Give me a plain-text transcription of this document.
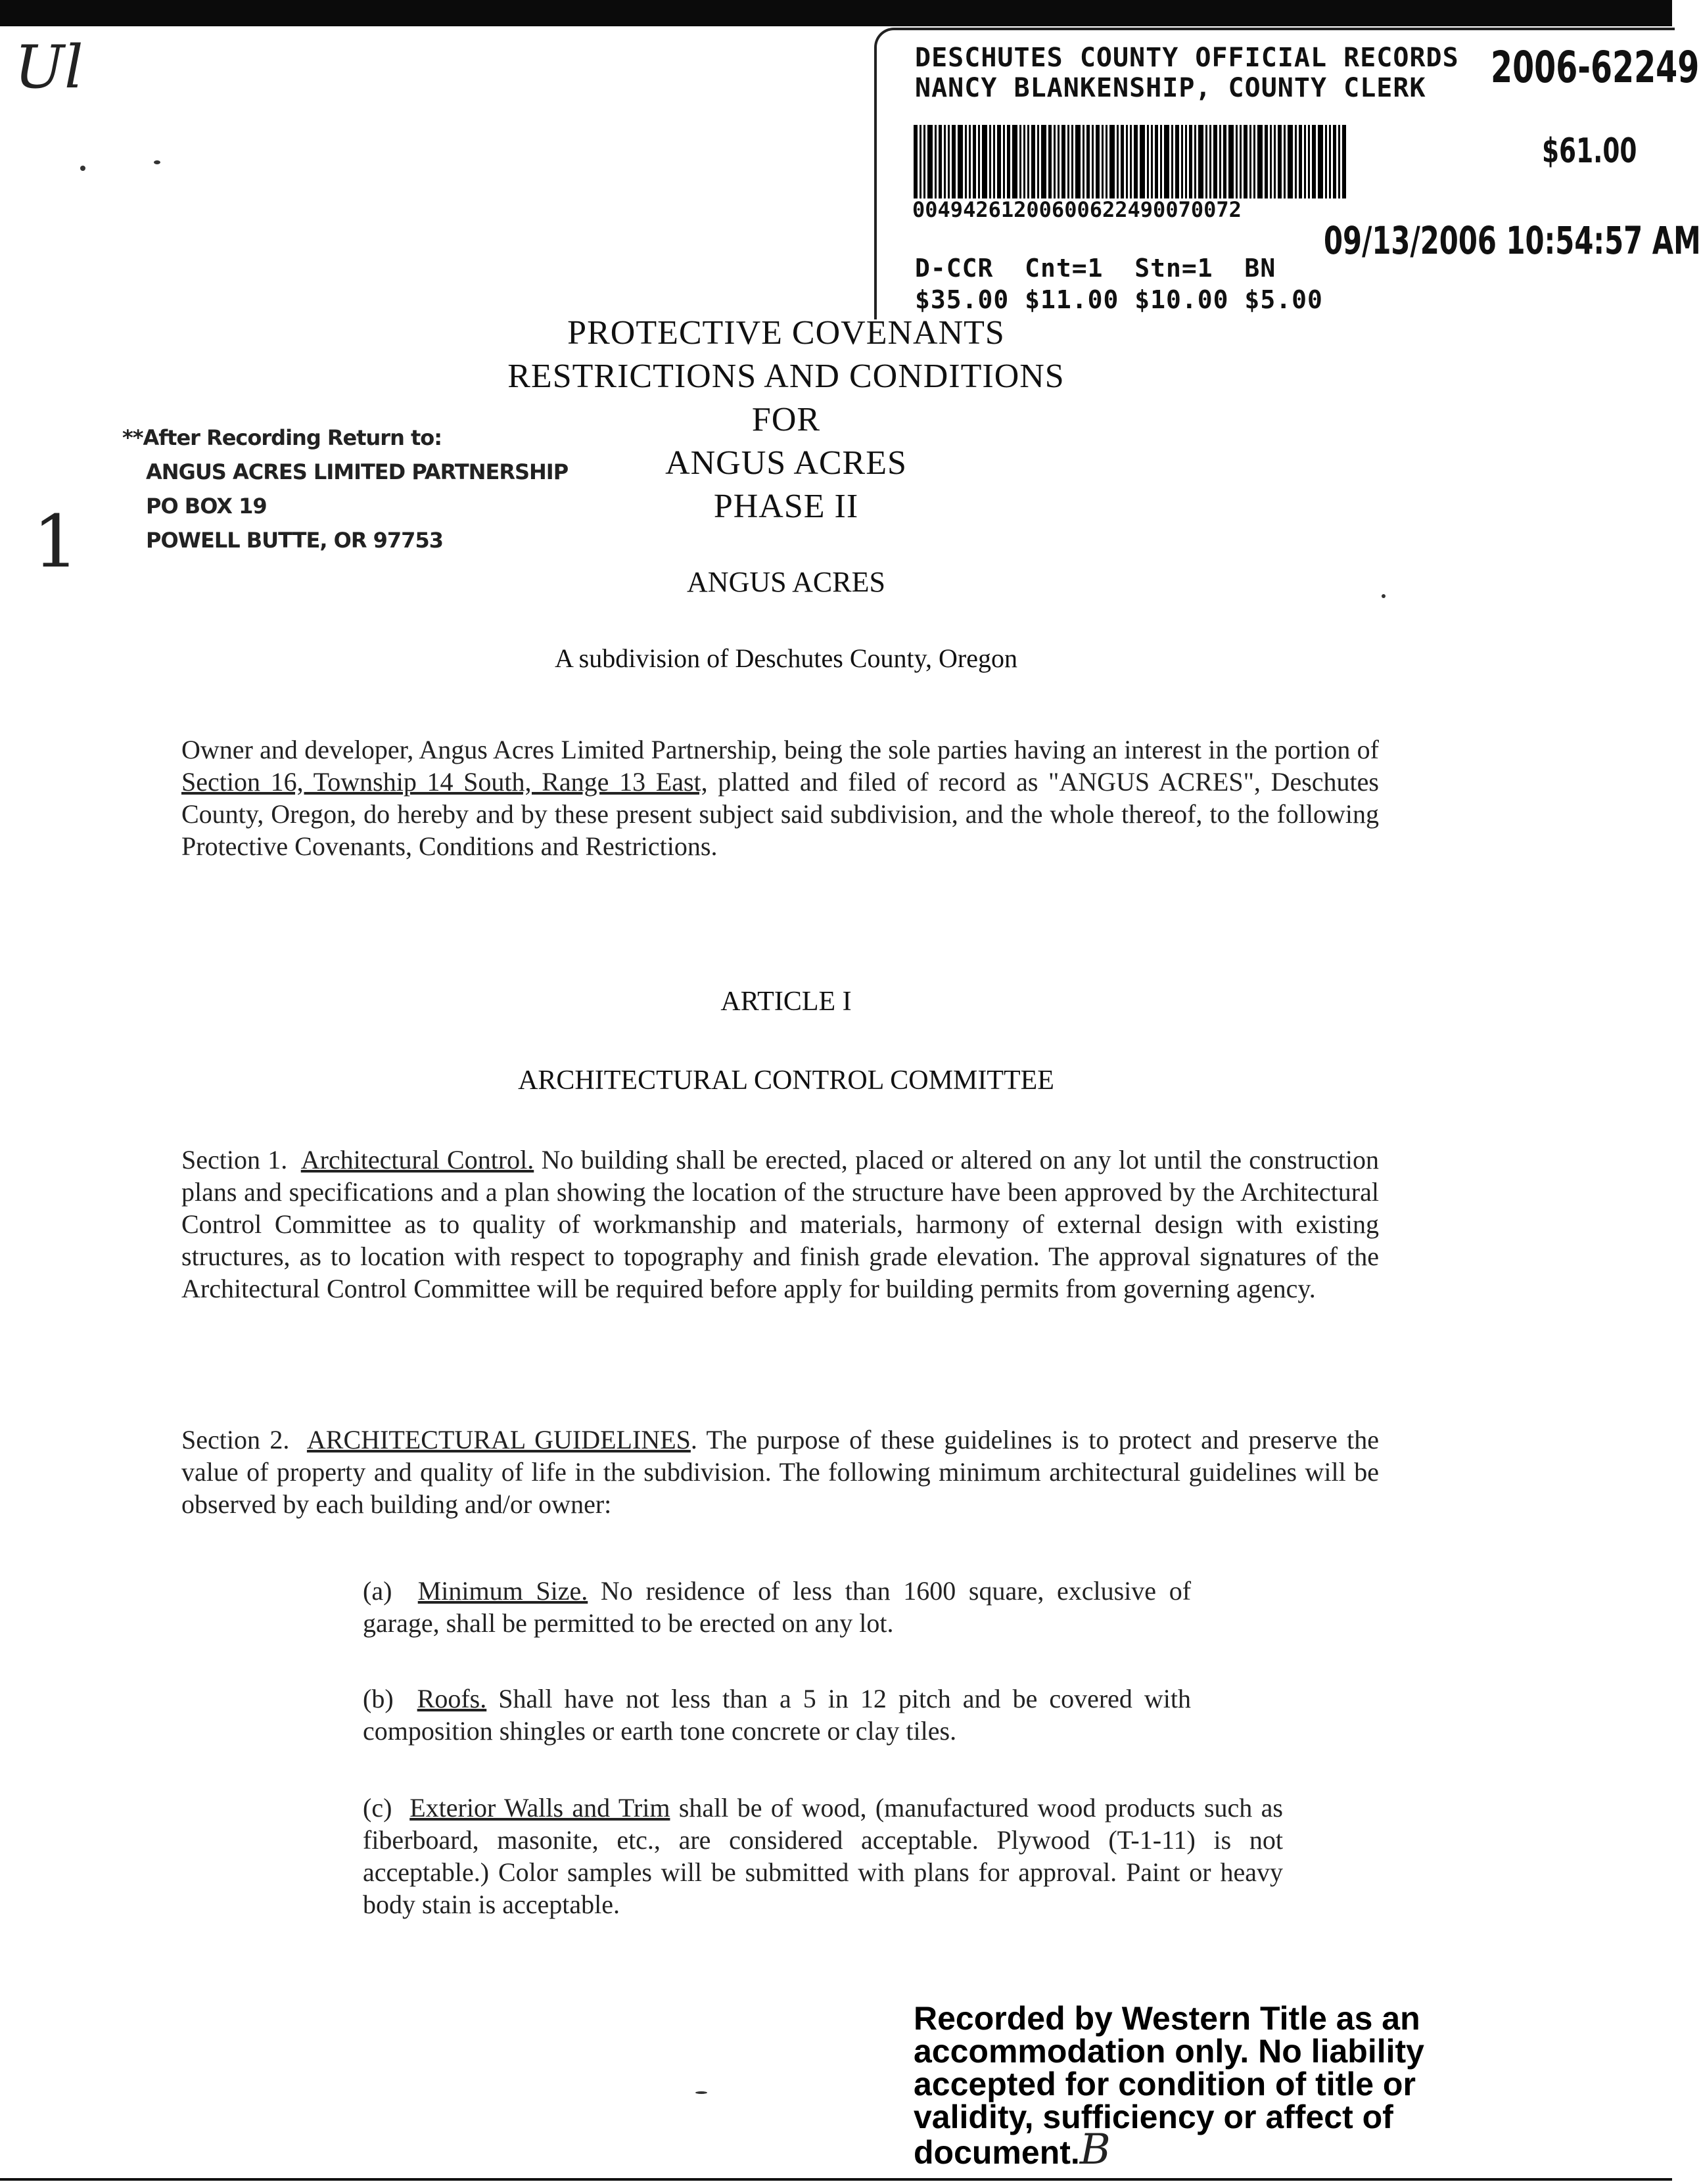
DESCHUTES COUNTY OFFICIAL RECORDS
NANCY BLANKENSHIP, COUNTY CLERK 2006-62249
$61.00
00494261200600622490070072
09/13/2006 10:54:57 AM
D-CCR  Cnt=1  Stn=1  BN
$35.00 $11.00 $10.00 $5.00
Ul
1
**After Recording Return to:
ANGUS ACRES LIMITED PARTNERSHIP
PO BOX 19
POWELL BUTTE, OR 97753
PROTECTIVE COVENANTS
RESTRICTIONS AND CONDITIONS
FOR
ANGUS ACRES
PHASE II
ANGUS ACRES
A subdivision of Deschutes County, Oregon

Owner and developer, Angus Acres Limited Partnership, being the sole parties having an interest in the portion of Section 16, Township 14 South, Range 13 East, platted and filed of record as "ANGUS ACRES", Deschutes County, Oregon, do hereby and by these present subject said subdivision, and the whole thereof, to the following Protective Covenants, Conditions and Restrictions.

ARTICLE I
ARCHITECTURAL CONTROL COMMITTEE

Section 1. Architectural Control. No building shall be erected, placed or altered on any lot until the construction plans and specifications and a plan showing the location of the structure have been approved by the Architectural Control Committee as to quality of workmanship and materials, harmony of external design with existing structures, as to location with respect to topography and finish grade elevation. The approval signatures of the Architectural Control Committee will be required before apply for building permits from governing agency.

Section 2. ARCHITECTURAL GUIDELINES. The purpose of these guidelines is to protect and preserve the value of property and quality of life in the subdivision. The following minimum architectural guidelines will be observed by each building and/or owner:

(a) Minimum Size. No residence of less than 1600 square, exclusive of garage, shall be permitted to be erected on any lot.

(b) Roofs. Shall have not less than a 5 in 12 pitch and be covered with composition shingles or earth tone concrete or clay tiles.

(c) Exterior Walls and Trim shall be of wood, (manufactured wood products such as fiberboard, masonite, etc., are considered acceptable. Plywood (T-1-11) is not acceptable.) Color samples will be submitted with plans for approval. Paint or heavy body stain is acceptable.

Recorded by Western Title as an
accommodation only. No liability
accepted for condition of title or
validity, sufficiency or affect of
document.B
